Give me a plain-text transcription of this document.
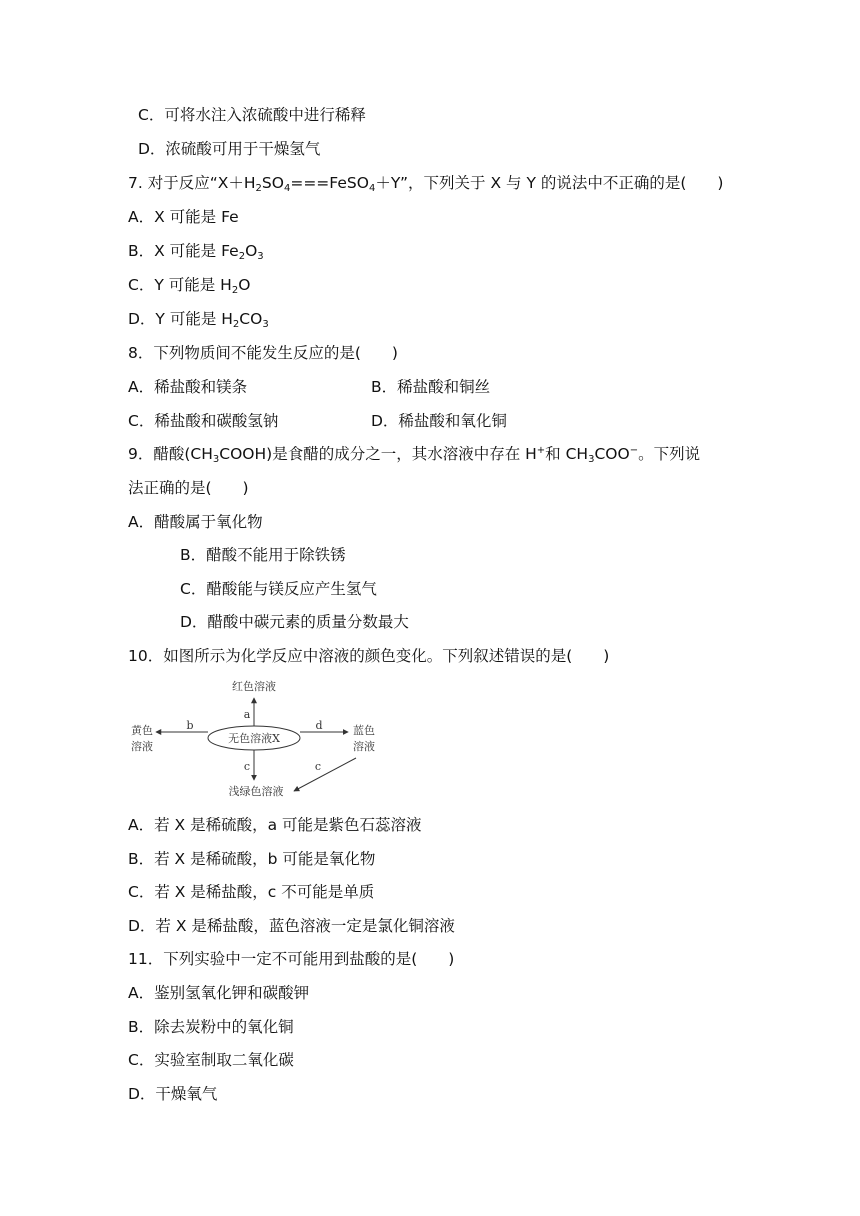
C．可将水注入浓硫酸中进行稀释
D．浓硫酸可用于干燥氢气
7. 对于反应“$X+H_2SO_4===FeSO_4+Y$”，下列关于 X 与 Y 的说法中不正确的是(　　)
A．X 可能是 Fe
B．X 可能是 $Fe_2O_3$
C．Y 可能是 $H_2O$
D．Y 可能是 $H_2CO_3$
8．下列物质间不能发生反应的是(　　)
A．稀盐酸和镁条	B．稀盐酸和铜丝
C．稀盐酸和碳酸氢钠	D．稀盐酸和氧化铜
9．醋酸$(CH_3COOH)$是食醋的成分之一，其水溶液中存在 H+和 $CH_3COO^-$。下列说
法正确的是(　　)
A．醋酸属于氧化物
B．醋酸不能用于除铁锈
C．醋酸能与镁反应产生氢气
D．醋酸中碳元素的质量分数最大
10．如图所示为化学反应中溶液的颜色变化。下列叙述错误的是(　　)
无色溶液X
a
红色溶液
b
黄色
溶液
d	蓝色
溶液
c
浅绿色溶液
c
A．若 X 是稀硫酸，a 可能是紫色石蕊溶液
B．若 X 是稀硫酸，b 可能是氧化物
C．若 X 是稀盐酸，c 不可能是单质
D．若 X 是稀盐酸，蓝色溶液一定是氯化铜溶液
11．下列实验中一定不可能用到盐酸的是(　　)
A．鉴别氢氧化钾和碳酸钾
B．除去炭粉中的氧化铜
C．实验室制取二氧化碳
D．干燥氧气
